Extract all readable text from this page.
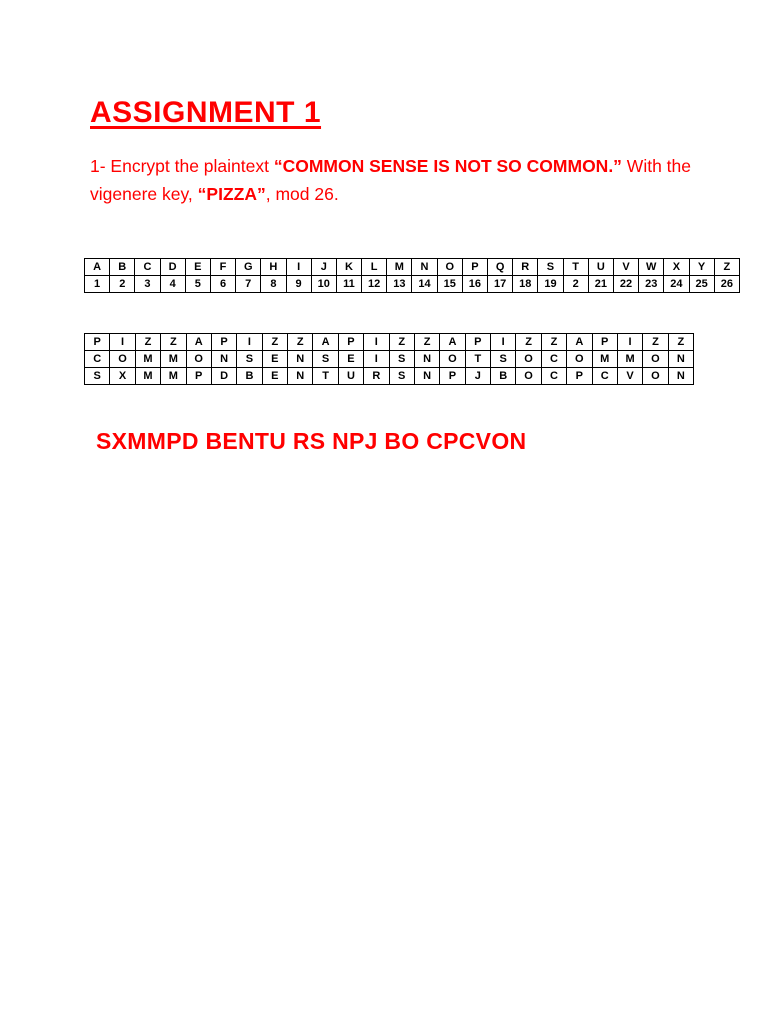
ASSIGNMENT 1

1- Encrypt the plaintext “COMMON SENSE IS NOT SO COMMON.” With the vigenere key, “PIZZA”, mod 26.

A	B	C	D	E	F	G	H	I	J	K	L	M	N	O	P	Q	R	S	T	U	V	W	X	Y	Z
1	2	3	4	5	6	7	8	9	10	11	12	13	14	15	16	17	18	19	2	21	22	23	24	25	26
P	I	Z	Z	A	P	I	Z	Z	A	P	I	Z	Z	A	P	I	Z	Z	A	P	I	Z	Z
C	O	M	M	O	N	S	E	N	S	E	I	S	N	O	T	S	O	C	O	M	M	O	N
S	X	M	M	P	D	B	E	N	T	U	R	S	N	P	J	B	O	C	P	C	V	O	N

SXMMPD BENTU RS NPJ BO CPCVON
